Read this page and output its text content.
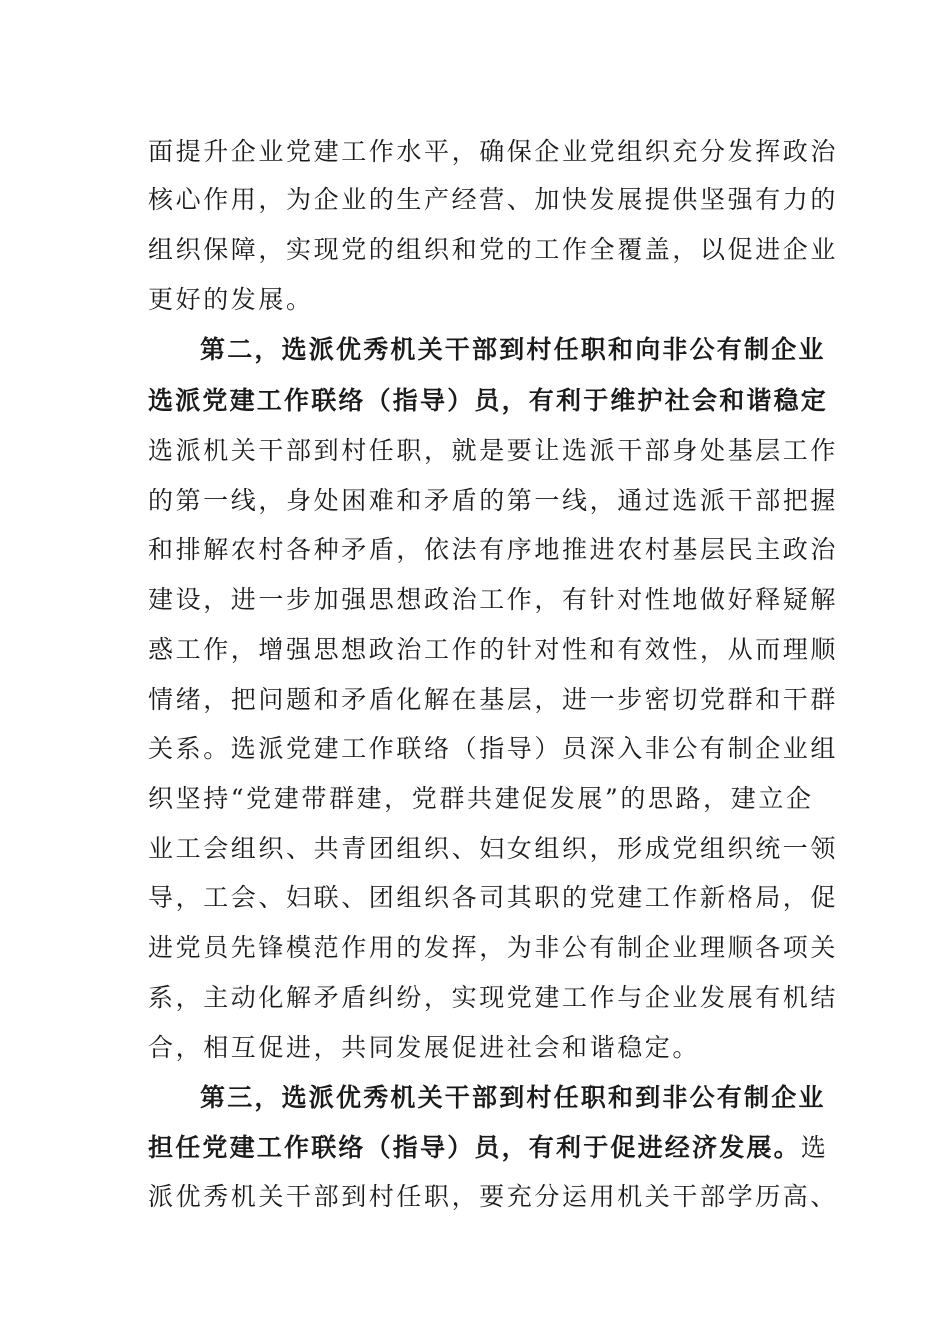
面提升企业党建工作水平，确保企业党组织充分发挥政治
核心作用，为企业的生产经营、加快发展提供坚强有力的
组织保障，实现党的组织和党的工作全覆盖，以促进企业
更好的发展。
第二，选派优秀机关干部到村任职和向非公有制企业
选派党建工作联络（指导）员，有利于维护社会和谐稳定
选派机关干部到村任职，就是要让选派干部身处基层工作
的第一线，身处困难和矛盾的第一线，通过选派干部把握
和排解农村各种矛盾，依法有序地推进农村基层民主政治
建设，进一步加强思想政治工作，有针对性地做好释疑解
惑工作，增强思想政治工作的针对性和有效性，从而理顺
情绪，把问题和矛盾化解在基层，进一步密切党群和干群
关系。选派党建工作联络（指导）员深入非公有制企业组
织坚持“党建带群建，党群共建促发展”的思路，建立企
业工会组织、共青团组织、妇女组织，形成党组织统一领
导，工会、妇联、团组织各司其职的党建工作新格局，促
进党员先锋模范作用的发挥，为非公有制企业理顺各项关
系，主动化解矛盾纠纷，实现党建工作与企业发展有机结
合，相互促进，共同发展促进社会和谐稳定。
第三，选派优秀机关干部到村任职和到非公有制企业
担任党建工作联络（指导）员，有利于促进经济发展。选
派优秀机关干部到村任职，要充分运用机关干部学历高、
